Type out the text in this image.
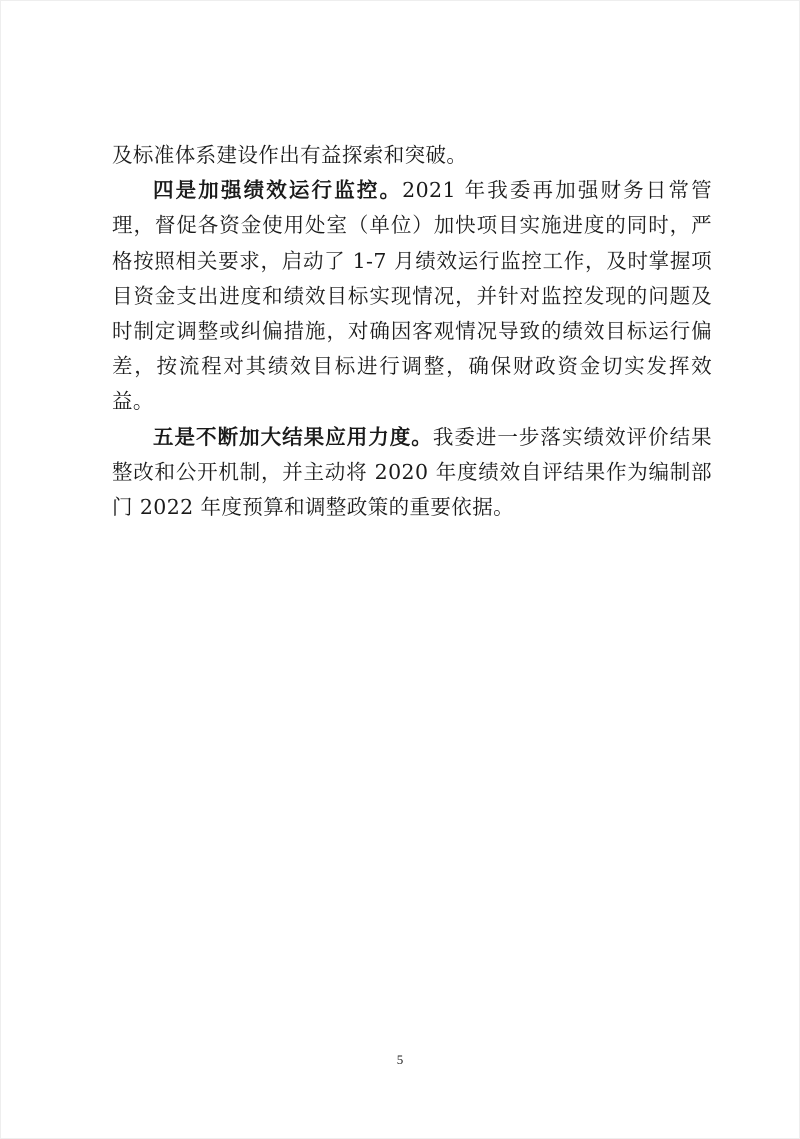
及标准体系建设作出有益探索和突破。

四是加强绩效运行监控。2021 年我委再加强财务日常管理，督促各资金使用处室（单位）加快项目实施进度的同时，严格按照相关要求，启动了 1-7 月绩效运行监控工作，及时掌握项目资金支出进度和绩效目标实现情况，并针对监控发现的问题及时制定调整或纠偏措施，对确因客观情况导致的绩效目标运行偏差，按流程对其绩效目标进行调整，确保财政资金切实发挥效益。

五是不断加大结果应用力度。我委进一步落实绩效评价结果整改和公开机制，并主动将 2020 年度绩效自评结果作为编制部门 2022 年度预算和调整政策的重要依据。

5
